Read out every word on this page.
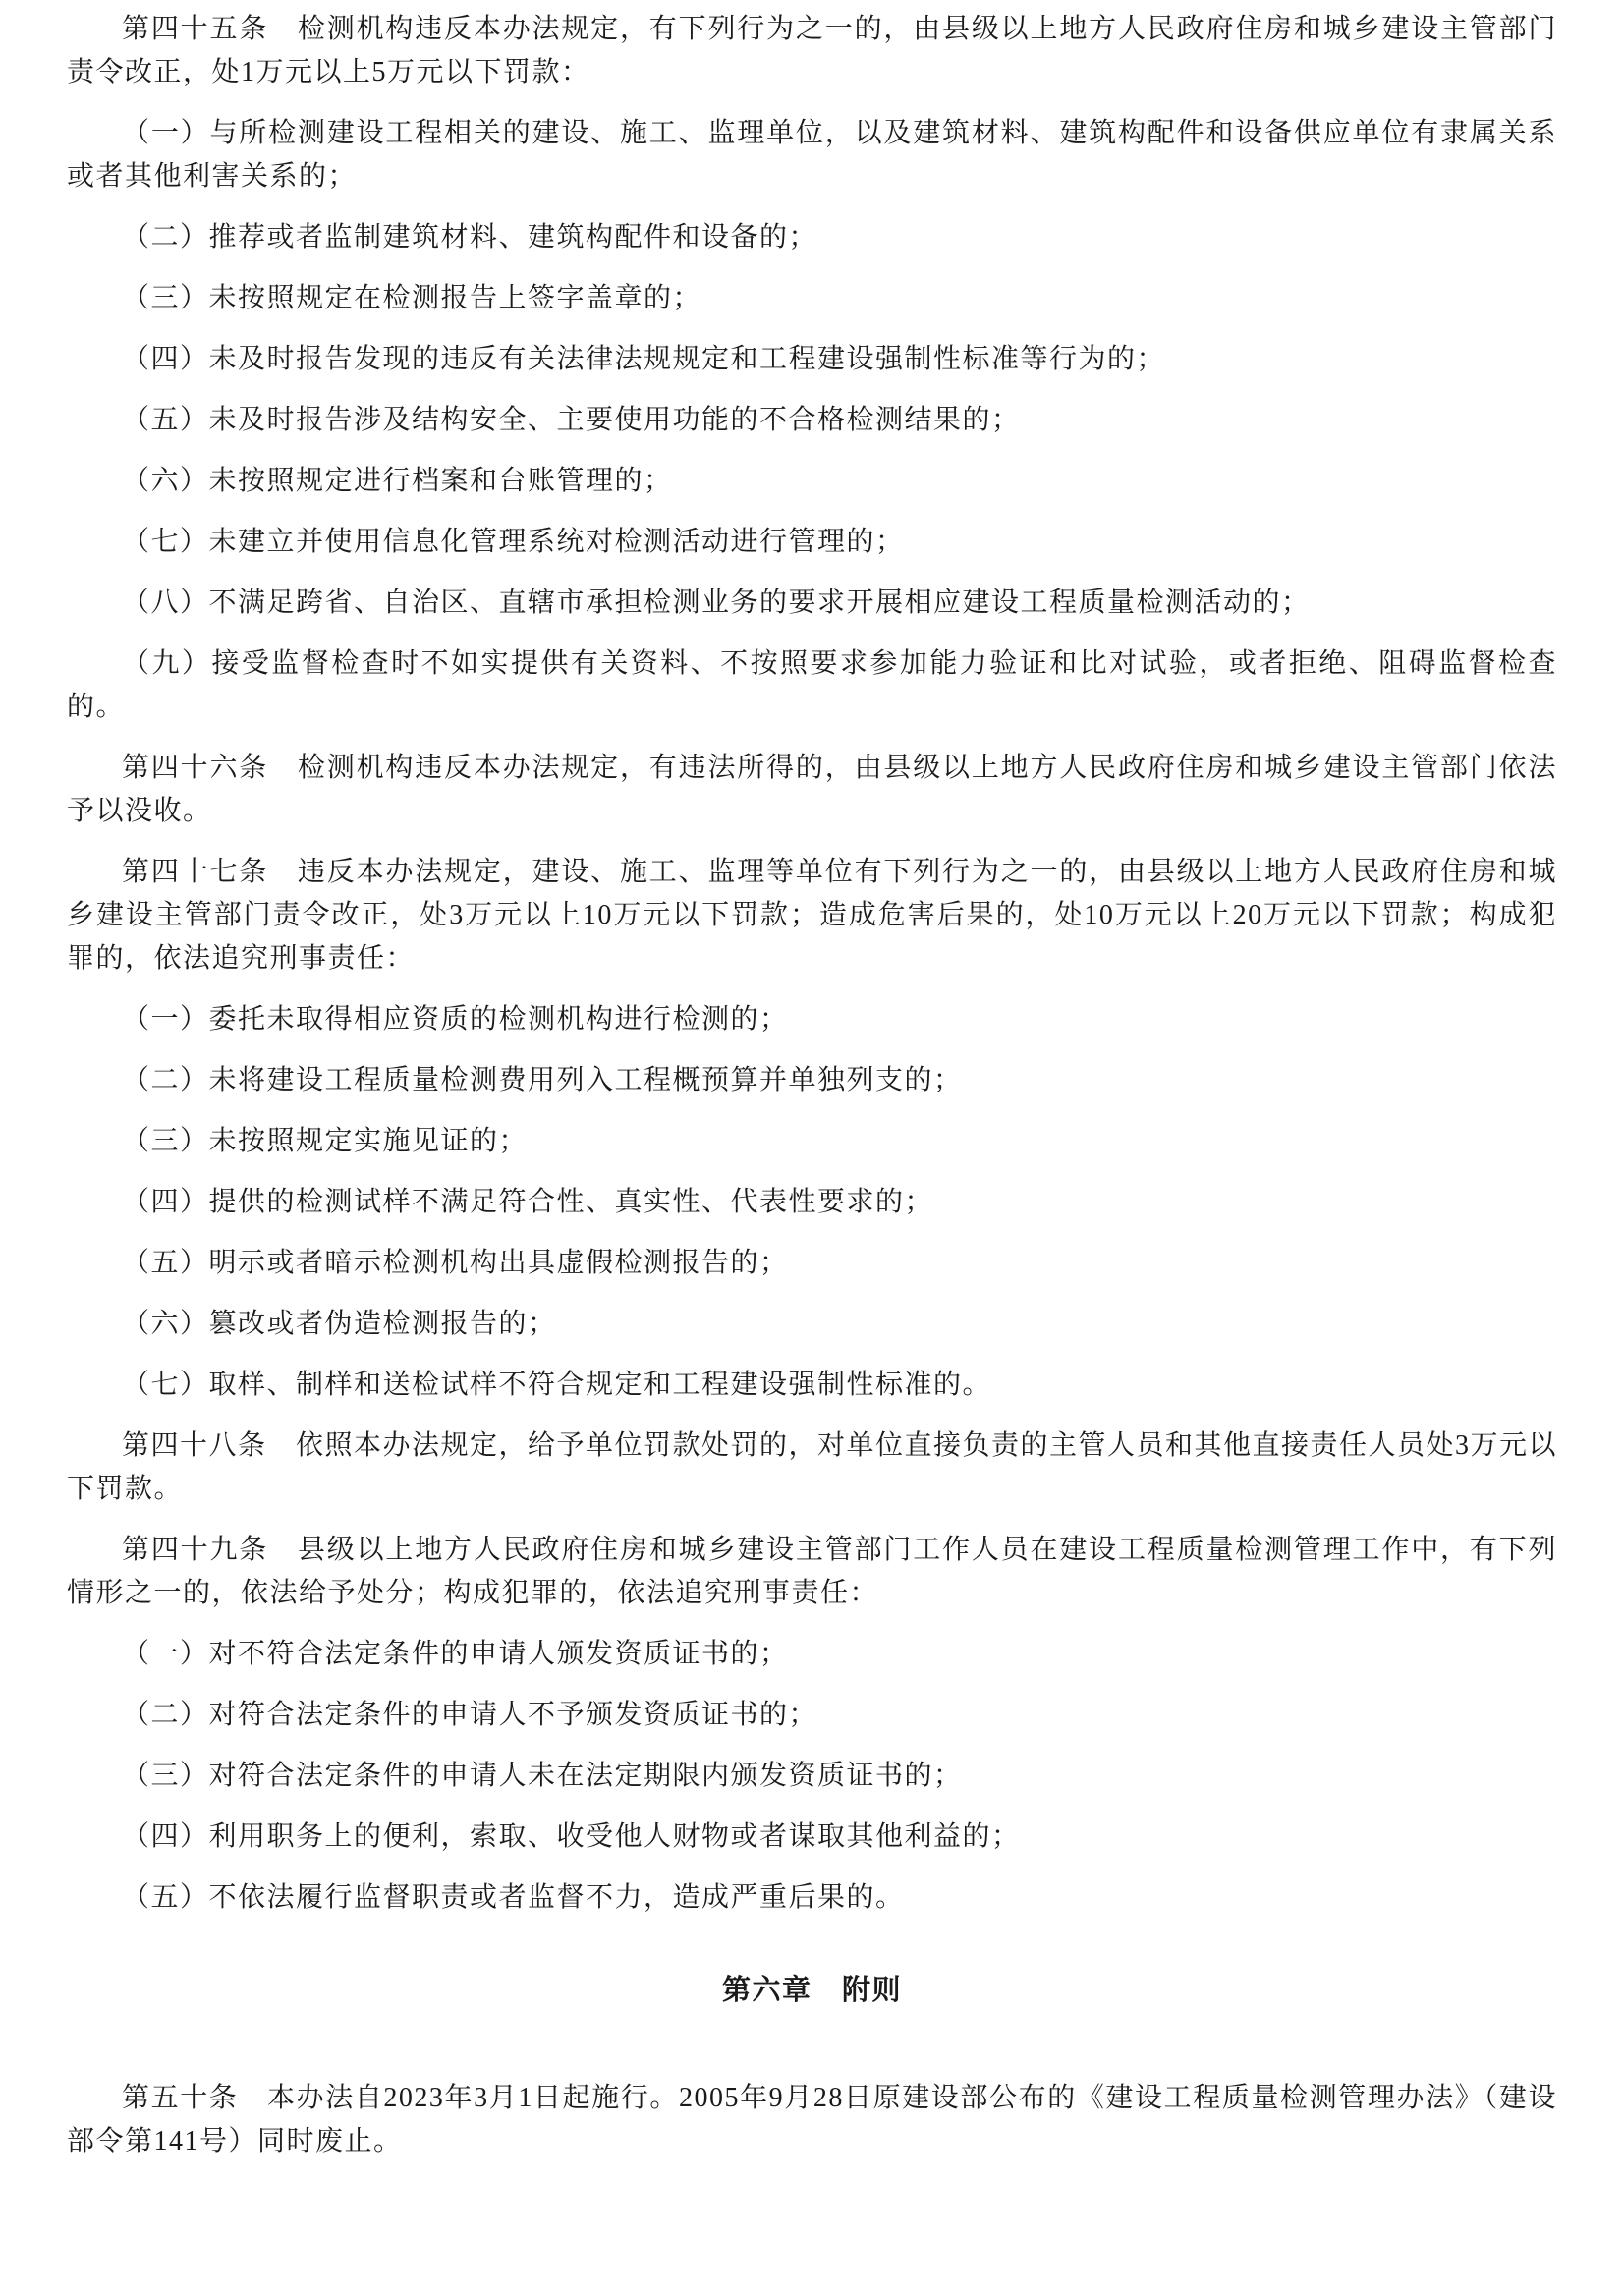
第四十五条　检测机构违反本办法规定，有下列行为之一的，由县级以上地方人民政府住房和城乡建设主管部门责令改正，处1万元以上5万元以下罚款：

（一）与所检测建设工程相关的建设、施工、监理单位，以及建筑材料、建筑构配件和设备供应单位有隶属关系或者其他利害关系的；

（二）推荐或者监制建筑材料、建筑构配件和设备的；

（三）未按照规定在检测报告上签字盖章的；

（四）未及时报告发现的违反有关法律法规规定和工程建设强制性标准等行为的；

（五）未及时报告涉及结构安全、主要使用功能的不合格检测结果的；

（六）未按照规定进行档案和台账管理的；

（七）未建立并使用信息化管理系统对检测活动进行管理的；

（八）不满足跨省、自治区、直辖市承担检测业务的要求开展相应建设工程质量检测活动的；

（九）接受监督检查时不如实提供有关资料、不按照要求参加能力验证和比对试验，或者拒绝、阻碍监督检查的。

第四十六条　检测机构违反本办法规定，有违法所得的，由县级以上地方人民政府住房和城乡建设主管部门依法予以没收。

第四十七条　违反本办法规定，建设、施工、监理等单位有下列行为之一的，由县级以上地方人民政府住房和城乡建设主管部门责令改正，处3万元以上10万元以下罚款；造成危害后果的，处10万元以上20万元以下罚款；构成犯罪的，依法追究刑事责任：

（一）委托未取得相应资质的检测机构进行检测的；

（二）未将建设工程质量检测费用列入工程概预算并单独列支的；

（三）未按照规定实施见证的；

（四）提供的检测试样不满足符合性、真实性、代表性要求的；

（五）明示或者暗示检测机构出具虚假检测报告的；

（六）篡改或者伪造检测报告的；

（七）取样、制样和送检试样不符合规定和工程建设强制性标准的。

第四十八条　依照本办法规定，给予单位罚款处罚的，对单位直接负责的主管人员和其他直接责任人员处3万元以下罚款。

第四十九条　县级以上地方人民政府住房和城乡建设主管部门工作人员在建设工程质量检测管理工作中，有下列情形之一的，依法给予处分；构成犯罪的，依法追究刑事责任：

（一）对不符合法定条件的申请人颁发资质证书的；

（二）对符合法定条件的申请人不予颁发资质证书的；

（三）对符合法定条件的申请人未在法定期限内颁发资质证书的；

（四）利用职务上的便利，索取、收受他人财物或者谋取其他利益的；

（五）不依法履行监督职责或者监督不力，造成严重后果的。

第六章　附则

第五十条　本办法自2023年3月1日起施行。2005年9月28日原建设部公布的《建设工程质量检测管理办法》（建设部令第141号）同时废止。
